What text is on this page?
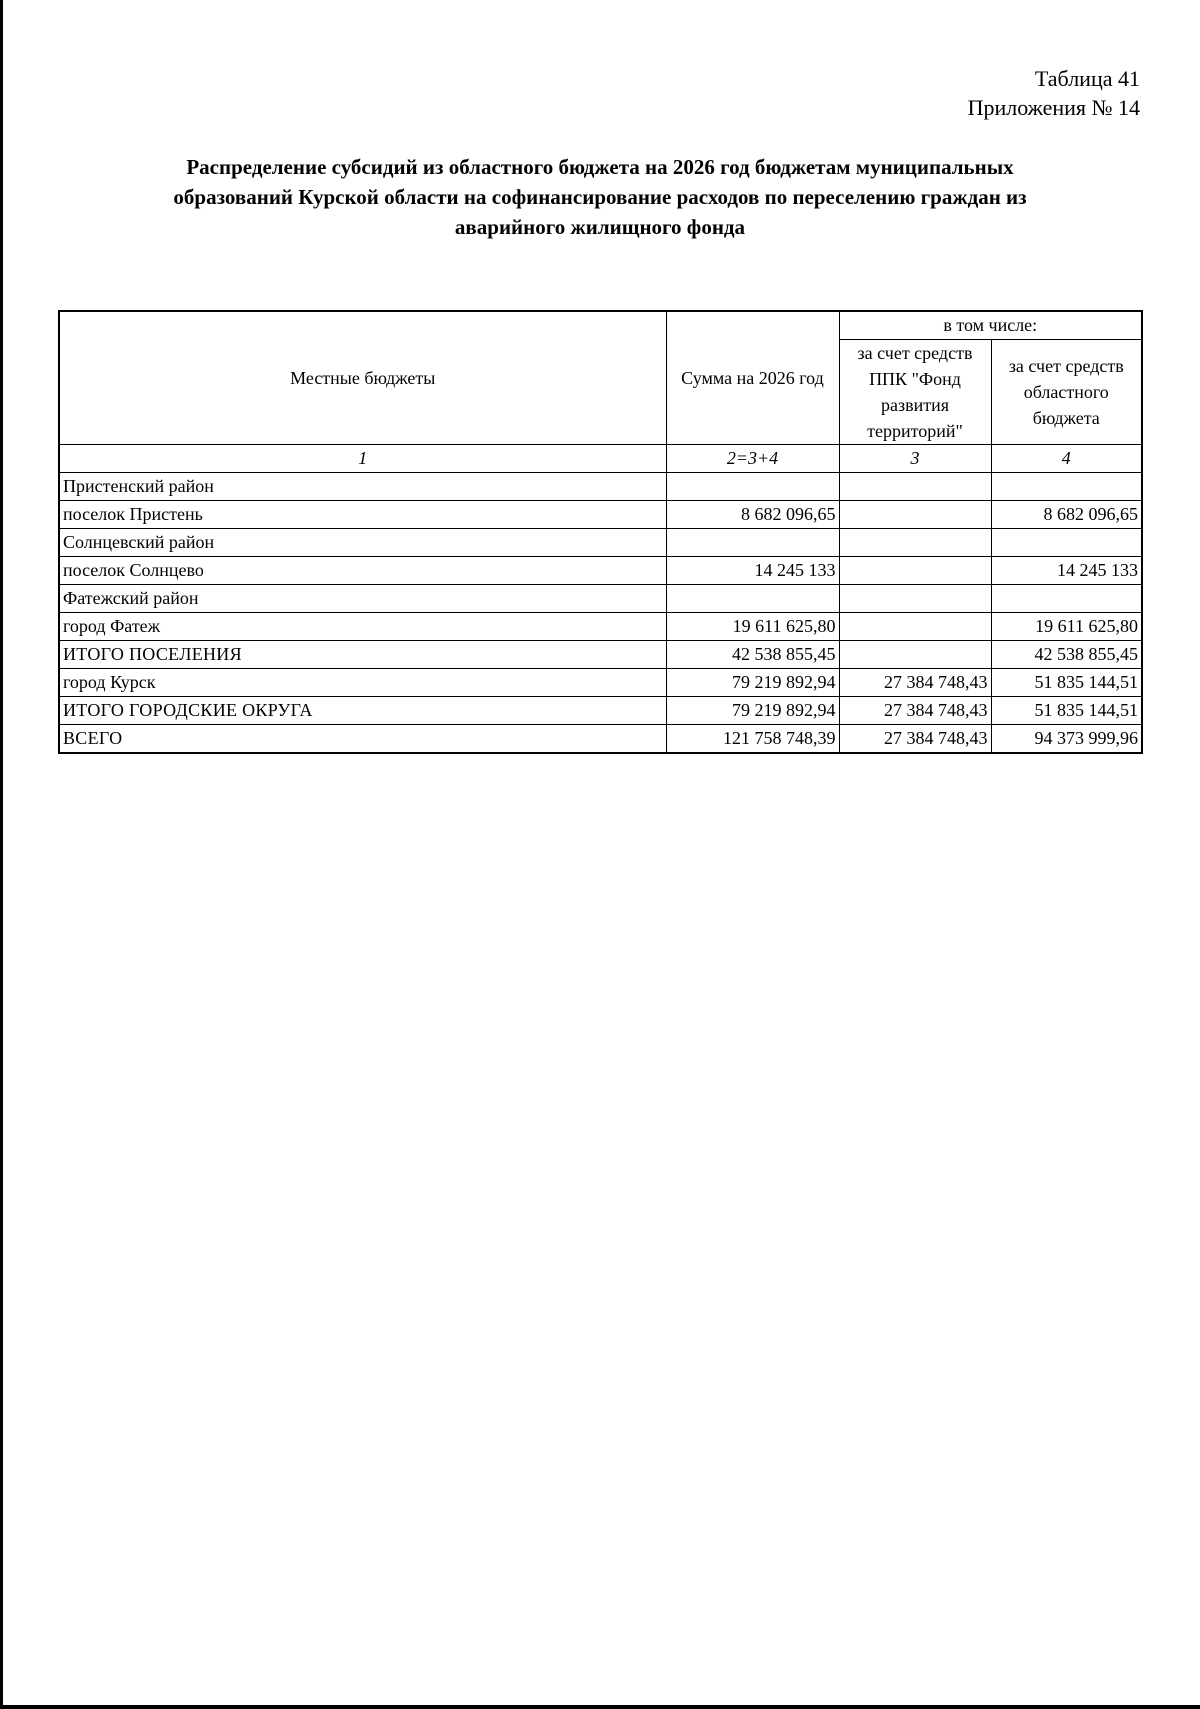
Таблица 41
Приложения № 14
Распределение субсидий из областного бюджета на 2026 год бюджетам муниципальных
образований Курской области на софинансирование расходов по переселению граждан из
аварийного жилищного фонда
Местные бюджеты	Сумма на 2026 год	в том числе:	
		за счет средств ППК "Фонд развития территорий"	за счет средств областного бюджета
1	2=3+4	3	4
Пристенский район			
поселок Пристень	8 682 096,65		8 682 096,65
Солнцевский район			
поселок Солнцево	14 245 133		14 245 133
Фатежский район			
город Фатеж	19 611 625,80		19 611 625,80
ИТОГО ПОСЕЛЕНИЯ	42 538 855,45		42 538 855,45
город Курск	79 219 892,94	27 384 748,43	51 835 144,51
ИТОГО ГОРОДСКИЕ ОКРУГА	79 219 892,94	27 384 748,43	51 835 144,51
ВСЕГО	121 758 748,39	27 384 748,43	94 373 999,96
